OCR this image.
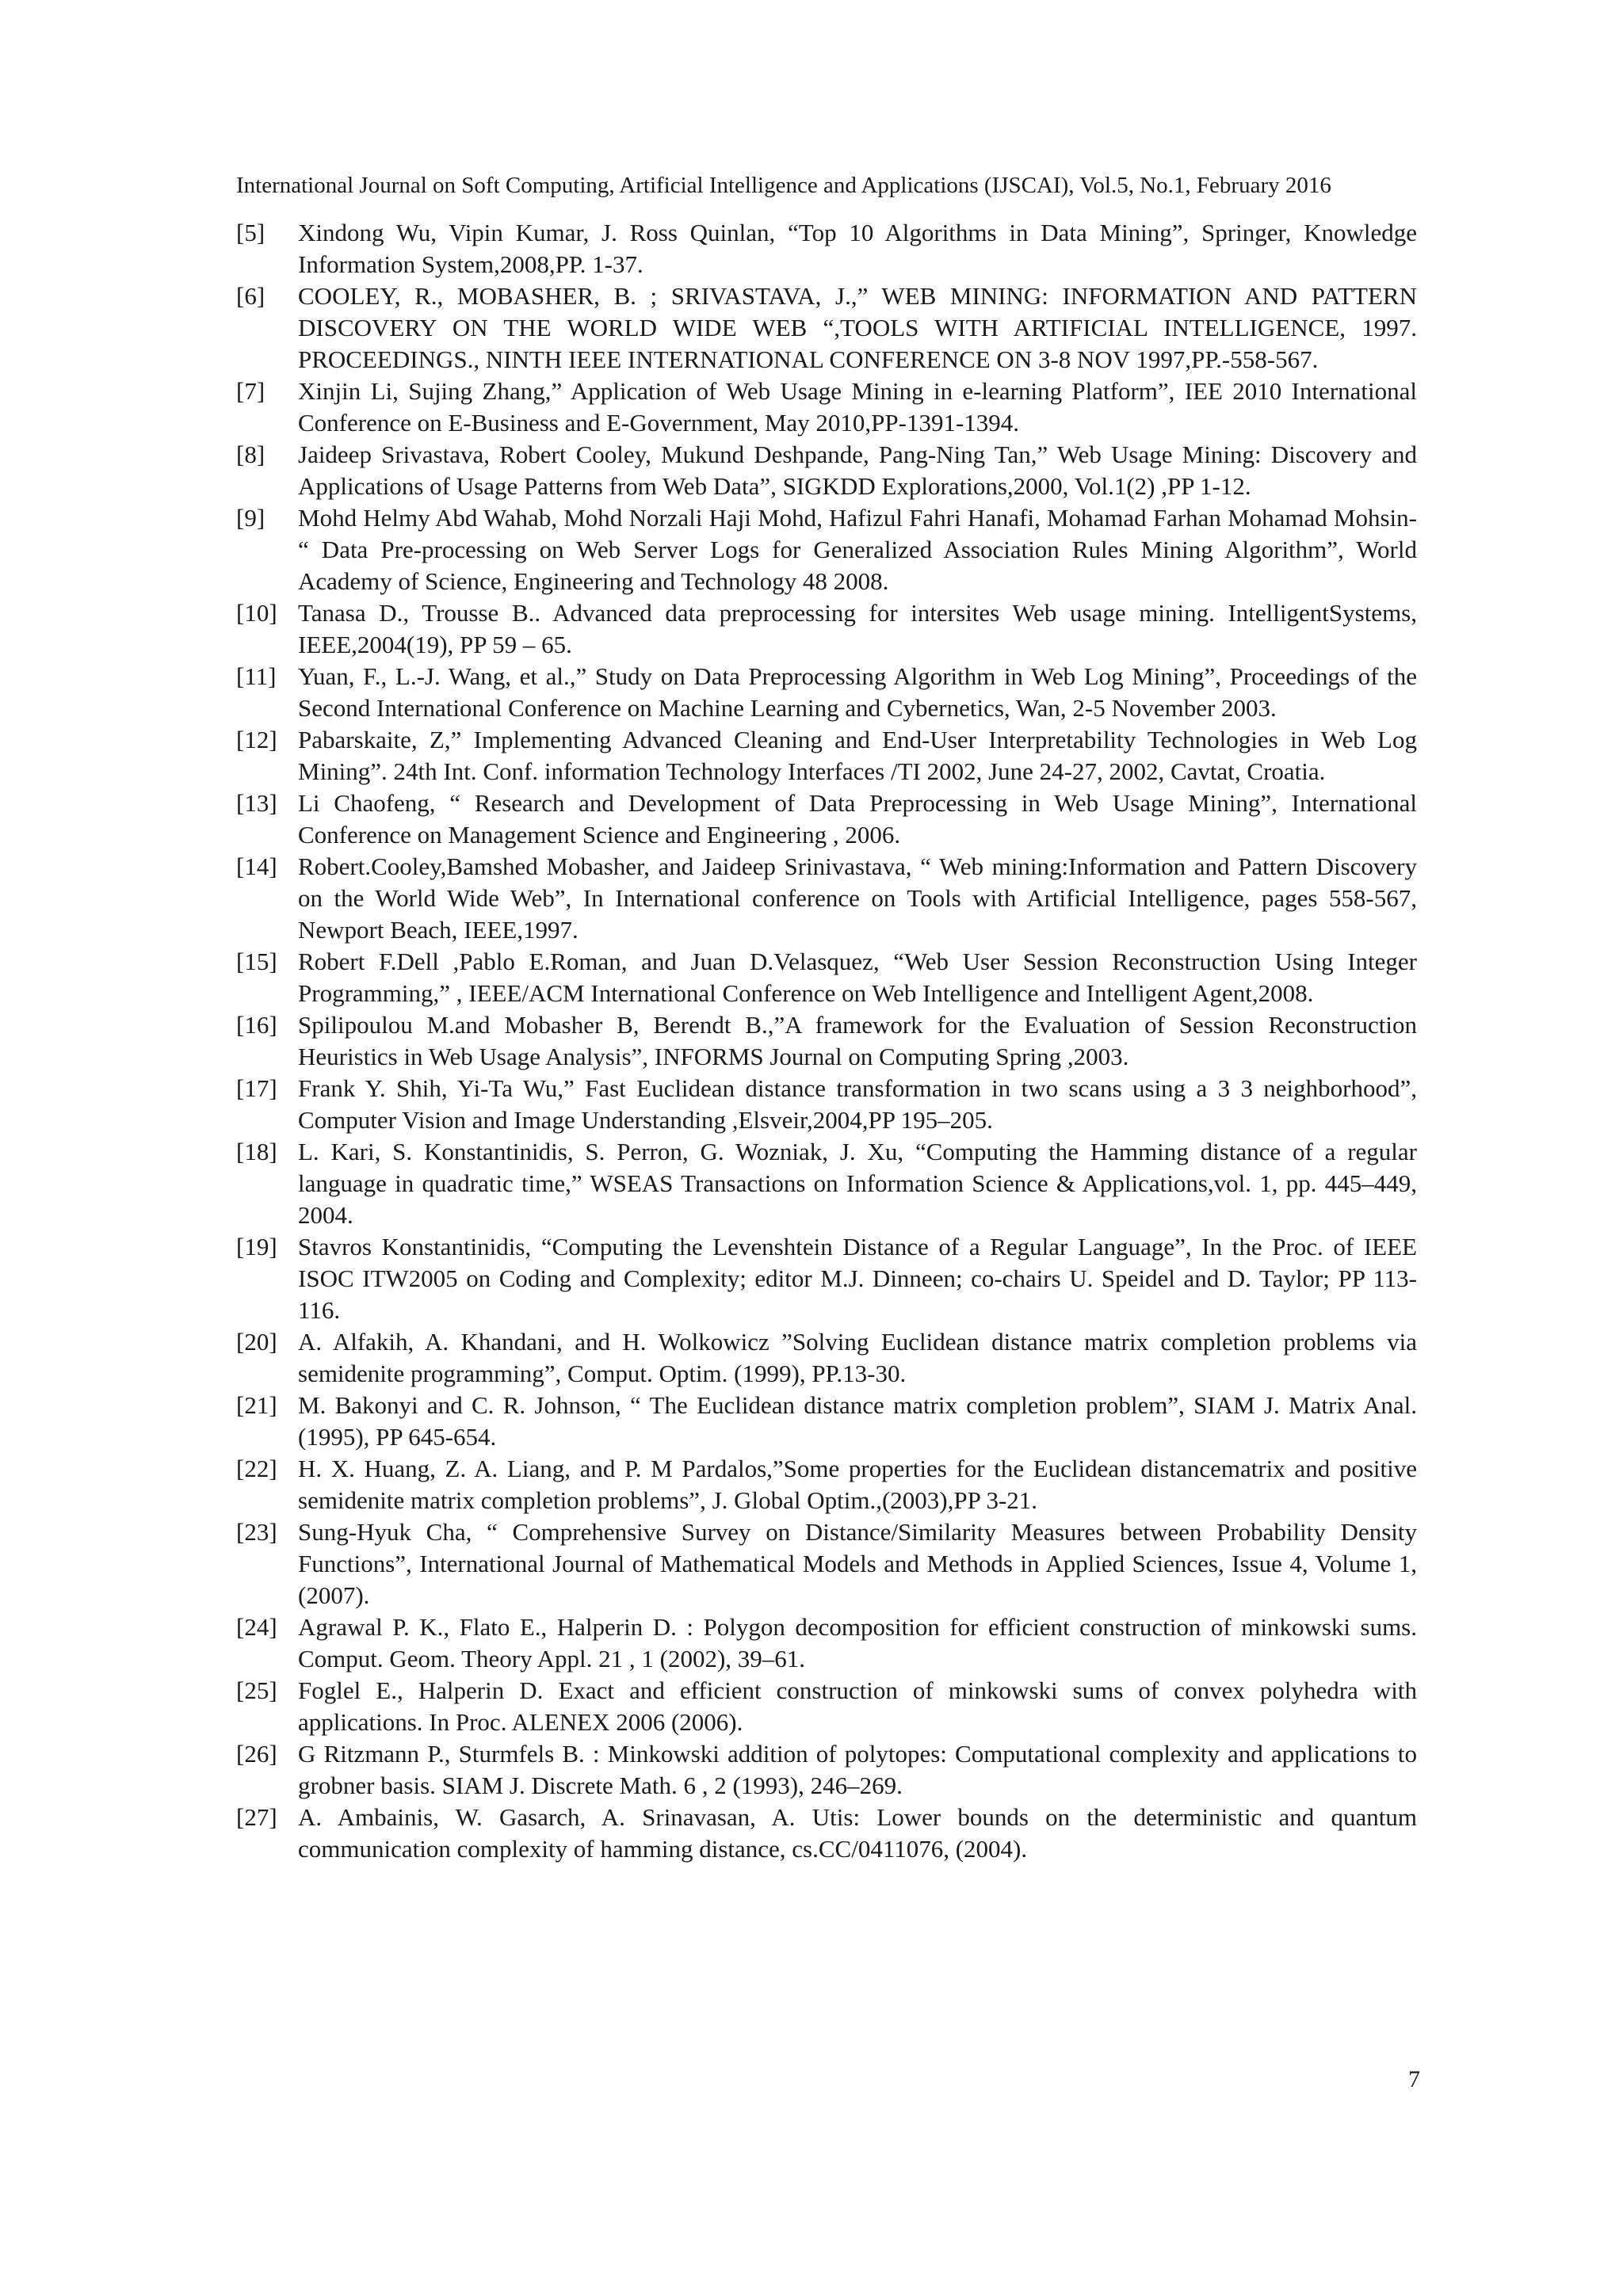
International Journal on Soft Computing, Artificial Intelligence and Applications (IJSCAI), Vol.5, No.1, February 2016
[5]	Xindong Wu, Vipin Kumar, J. Ross Quinlan, “Top 10 Algorithms in Data Mining”, Springer, Knowledge Information System,2008,PP. 1-37.
[6]	COOLEY, R., MOBASHER, B. ; SRIVASTAVA, J.,” WEB MINING: INFORMATION AND PATTERN DISCOVERY ON THE WORLD WIDE WEB “,TOOLS WITH ARTIFICIAL INTELLIGENCE, 1997. PROCEEDINGS., NINTH IEEE INTERNATIONAL CONFERENCE ON 3-8 NOV 1997,PP.-558-567.
[7]	Xinjin Li, Sujing Zhang,” Application of Web Usage Mining in e-learning Platform”, IEE 2010 International Conference on E-Business and E-Government, May 2010,PP-1391-1394.
[8]	Jaideep Srivastava, Robert Cooley, Mukund Deshpande, Pang-Ning Tan,” Web Usage Mining: Discovery and Applications of Usage Patterns from Web Data”, SIGKDD Explorations,2000, Vol.1(2) ,PP 1-12.
[9]	Mohd Helmy Abd Wahab, Mohd Norzali Haji Mohd, Hafizul Fahri Hanafi, Mohamad Farhan Mohamad Mohsin- “ Data Pre-processing on Web Server Logs for Generalized Association Rules Mining Algorithm”, World Academy of Science, Engineering and Technology 48 2008.
[10] Tanasa D., Trousse B.. Advanced data preprocessing for intersites Web usage mining. IntelligentSystems, IEEE,2004(19), PP 59 – 65.
[11] Yuan, F., L.-J. Wang, et al.,” Study on Data Preprocessing Algorithm in Web Log Mining”, Proceedings of the Second International Conference on Machine Learning and Cybernetics, Wan, 2-5 November 2003.
[12] Pabarskaite, Z,” Implementing Advanced Cleaning and End-User Interpretability Technologies in Web Log Mining”. 24th Int. Conf. information Technology Interfaces /TI 2002, June 24-27, 2002, Cavtat, Croatia.
[13] Li Chaofeng, “ Research and Development of Data Preprocessing in Web Usage Mining”, International Conference on Management Science and Engineering , 2006.
[14] Robert.Cooley,Bamshed Mobasher, and Jaideep Srinivastava, “ Web mining:Information and Pattern Discovery on the World Wide Web”, In International conference on Tools with Artificial Intelligence, pages 558-567, Newport Beach, IEEE,1997.
[15] Robert F.Dell ,Pablo E.Roman, and Juan D.Velasquez, “Web User Session Reconstruction Using Integer Programming,” , IEEE/ACM International Conference on Web Intelligence and Intelligent Agent,2008.
[16] Spilipoulou M.and Mobasher B, Berendt B.,”A framework for the Evaluation of Session Reconstruction Heuristics in Web Usage Analysis”, INFORMS Journal on Computing Spring ,2003.
[17] Frank Y. Shih, Yi-Ta Wu,” Fast Euclidean distance transformation in two scans using a 3 3 neighborhood”, Computer Vision and Image Understanding ,Elsveir,2004,PP 195–205.
[18] L. Kari, S. Konstantinidis, S. Perron, G. Wozniak, J. Xu, “Computing the Hamming distance of a regular language in quadratic time,” WSEAS Transactions on Information Science & Applications,vol. 1, pp. 445–449, 2004.
[19] Stavros Konstantinidis, “Computing the Levenshtein Distance of a Regular Language”, In the Proc. of IEEE ISOC ITW2005 on Coding and Complexity; editor M.J. Dinneen; co-chairs U. Speidel and D. Taylor; PP 113-116.
[20] A. Alfakih, A. Khandani, and H. Wolkowicz ”Solving Euclidean distance matrix completion problems via semidenite programming”, Comput. Optim. (1999), PP.13-30.
[21] M. Bakonyi and C. R. Johnson, “ The Euclidean distance matrix completion problem”, SIAM J. Matrix Anal. (1995), PP 645-654.
[22] H. X. Huang, Z. A. Liang, and P. M Pardalos,”Some properties for the Euclidean distancematrix and positive semidenite matrix completion problems”, J. Global Optim.,(2003),PP 3-21.
[23] Sung-Hyuk Cha, “ Comprehensive Survey on Distance/Similarity Measures between Probability Density Functions”, International Journal of Mathematical Models and Methods in Applied Sciences, Issue 4, Volume 1, (2007).
[24] Agrawal P. K., Flato E., Halperin D. : Polygon decomposition for efficient construction of minkowski sums. Comput. Geom. Theory Appl. 21 , 1 (2002), 39–61.
[25] Foglel E., Halperin D. Exact and efficient construction of minkowski sums of convex polyhedra with applications. In Proc. ALENEX 2006 (2006).
[26] G Ritzmann P., Sturmfels B. : Minkowski addition of polytopes: Computational complexity and applications to grobner basis. SIAM J. Discrete Math. 6 , 2 (1993), 246–269.
[27] A. Ambainis, W. Gasarch, A. Srinavasan, A. Utis: Lower bounds on the deterministic and quantum communication complexity of hamming distance, cs.CC/0411076, (2004).
7
